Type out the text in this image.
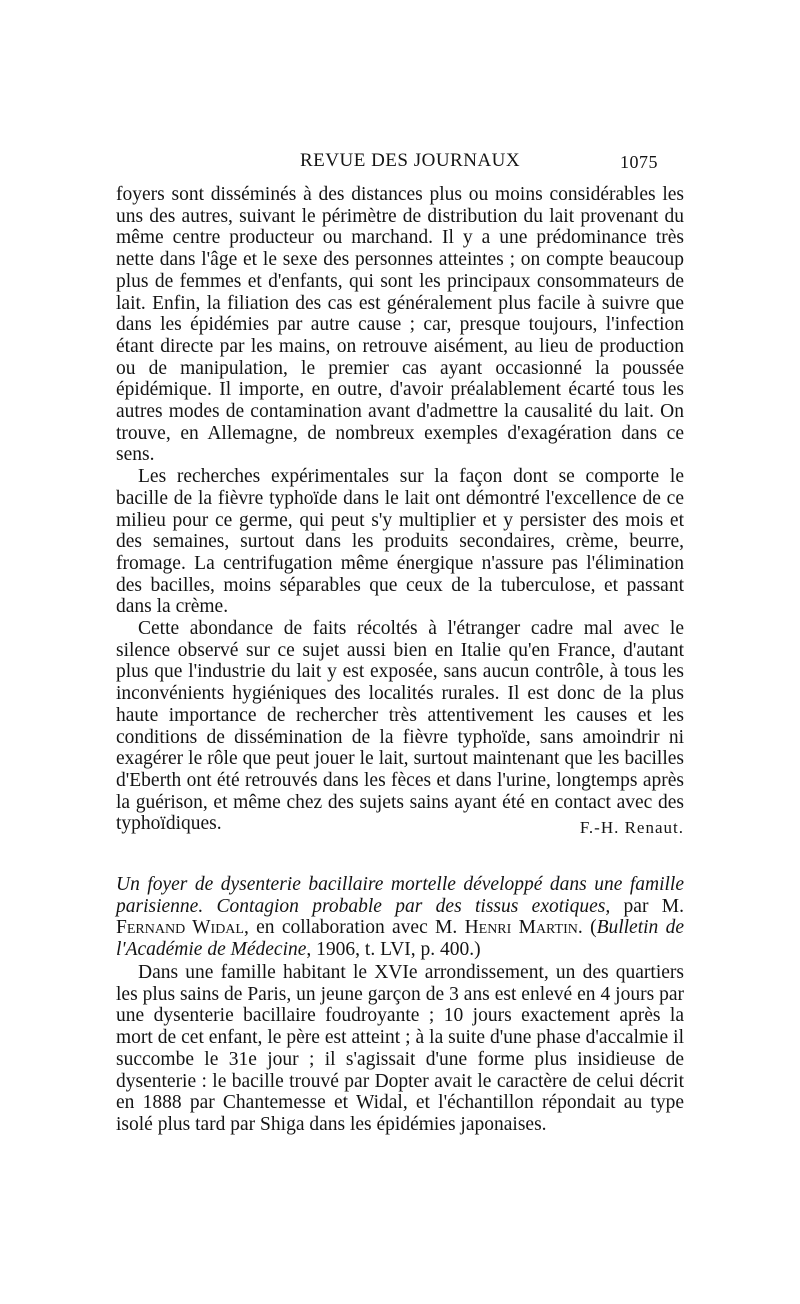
REVUE DES JOURNAUX	1075

foyers sont disséminés à des distances plus ou moins considérables les uns des autres, suivant le périmètre de distribution du lait provenant du même centre producteur ou marchand. Il y a une prédominance très nette dans l'âge et le sexe des personnes atteintes ; on compte beaucoup plus de femmes et d'enfants, qui sont les principaux consommateurs de lait. Enfin, la filiation des cas est généralement plus facile à suivre que dans les épidémies par autre cause ; car, presque toujours, l'infection étant directe par les mains, on retrouve aisément, au lieu de production ou de manipulation, le premier cas ayant occasionné la poussée épidémique. Il importe, en outre, d'avoir préalablement écarté tous les autres modes de contamination avant d'admettre la causalité du lait. On trouve, en Allemagne, de nombreux exemples d'exagération dans ce sens.

Les recherches expérimentales sur la façon dont se comporte le bacille de la fièvre typhoïde dans le lait ont démontré l'excellence de ce milieu pour ce germe, qui peut s'y multiplier et y persister des mois et des semaines, surtout dans les produits secondaires, crème, beurre, fromage. La centrifugation même énergique n'assure pas l'élimination des bacilles, moins séparables que ceux de la tuberculose, et passant dans la crème.

Cette abondance de faits récoltés à l'étranger cadre mal avec le silence observé sur ce sujet aussi bien en Italie qu'en France, d'autant plus que l'industrie du lait y est exposée, sans aucun contrôle, à tous les inconvénients hygiéniques des localités rurales. Il est donc de la plus haute importance de rechercher très attentivement les causes et les conditions de dissémination de la fièvre typhoïde, sans amoindrir ni exagérer le rôle que peut jouer le lait, surtout maintenant que les bacilles d'Eberth ont été retrouvés dans les fèces et dans l'urine, longtemps après la guérison, et même chez des sujets sains ayant été en contact avec des typhoïdiques.	F.-H. Renaut.
Un foyer de dysenterie bacillaire mortelle développé dans une famille parisienne. Contagion probable par des tissus exotiques, par M. Fernand Widal, en collaboration avec M. Henri Martin. (Bulletin de l'Académie de Médecine, 1906, t. LVI, p. 400.)

Dans une famille habitant le XVIe arrondissement, un des quartiers les plus sains de Paris, un jeune garçon de 3 ans est enlevé en 4 jours par une dysenterie bacillaire foudroyante ; 10 jours exactement après la mort de cet enfant, le père est atteint ; à la suite d'une phase d'accalmie il succombe le 31e jour ; il s'agissait d'une forme plus insidieuse de dysenterie : le bacille trouvé par Dopter avait le caractère de celui décrit en 1888 par Chantemesse et Widal, et l'échantillon répondait au type isolé plus tard par Shiga dans les épidémies japonaises.
